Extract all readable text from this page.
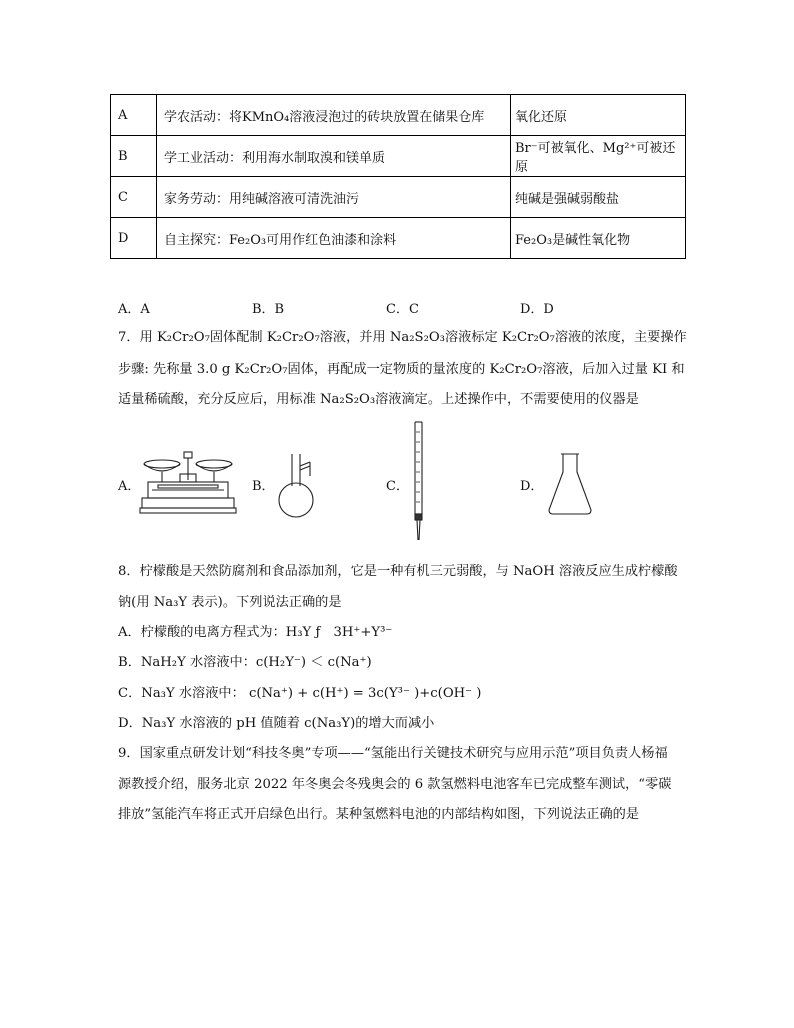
A	学农活动：将KMnO₄溶液浸泡过的砖块放置在储果仓库	氧化还原
B	学工业活动：利用海水制取溴和镁单质	Br⁻可被氧化、Mg²⁺可被还原
C	家务劳动：用纯碱溶液可清洗油污	纯碱是强碱弱酸盐
D	自主探究：Fe₂O₃可用作红色油漆和涂料	Fe₂O₃是碱性氧化物
A．A	B．B	C．C	D．D
7．用 K₂Cr₂O₇固体配制 K₂Cr₂O₇溶液，并用 Na₂S₂O₃溶液标定 K₂Cr₂O₇溶液的浓度，主要操作
步骤: 先称量 3.0 g K₂Cr₂O₇固体，再配成一定物质的量浓度的 K₂Cr₂O₇溶液，后加入过量 KI 和
适量稀硫酸，充分反应后，用标准 Na₂S₂O₃溶液滴定。上述操作中，不需要使用的仪器是
A．	B．	C．	D．
8．柠檬酸是天然防腐剂和食品添加剂，它是一种有机三元弱酸，与 NaOH 溶液反应生成柠檬酸
钠(用 Na₃Y 表示)。下列说法正确的是
A．柠檬酸的电离方程式为：H₃Y ƒ　3H⁺+Y³⁻
B．NaH₂Y 水溶液中：c(H₂Y⁻) ＜ c(Na⁺)
C．Na₃Y 水溶液中： c(Na⁺) + c(H⁺) = 3c(Y³⁻ )+c(OH⁻ )
D．Na₃Y 水溶液的 pH 值随着 c(Na₃Y)的增大而减小
9．国家重点研发计划“科技冬奥”专项——“氢能出行关键技术研究与应用示范”项目负责人杨福
源教授介绍，服务北京 2022 年冬奥会冬残奥会的 6 款氢燃料电池客车已完成整车测试，“零碳
排放”氢能汽车将正式开启绿色出行。某种氢燃料电池的内部结构如图，下列说法正确的是
